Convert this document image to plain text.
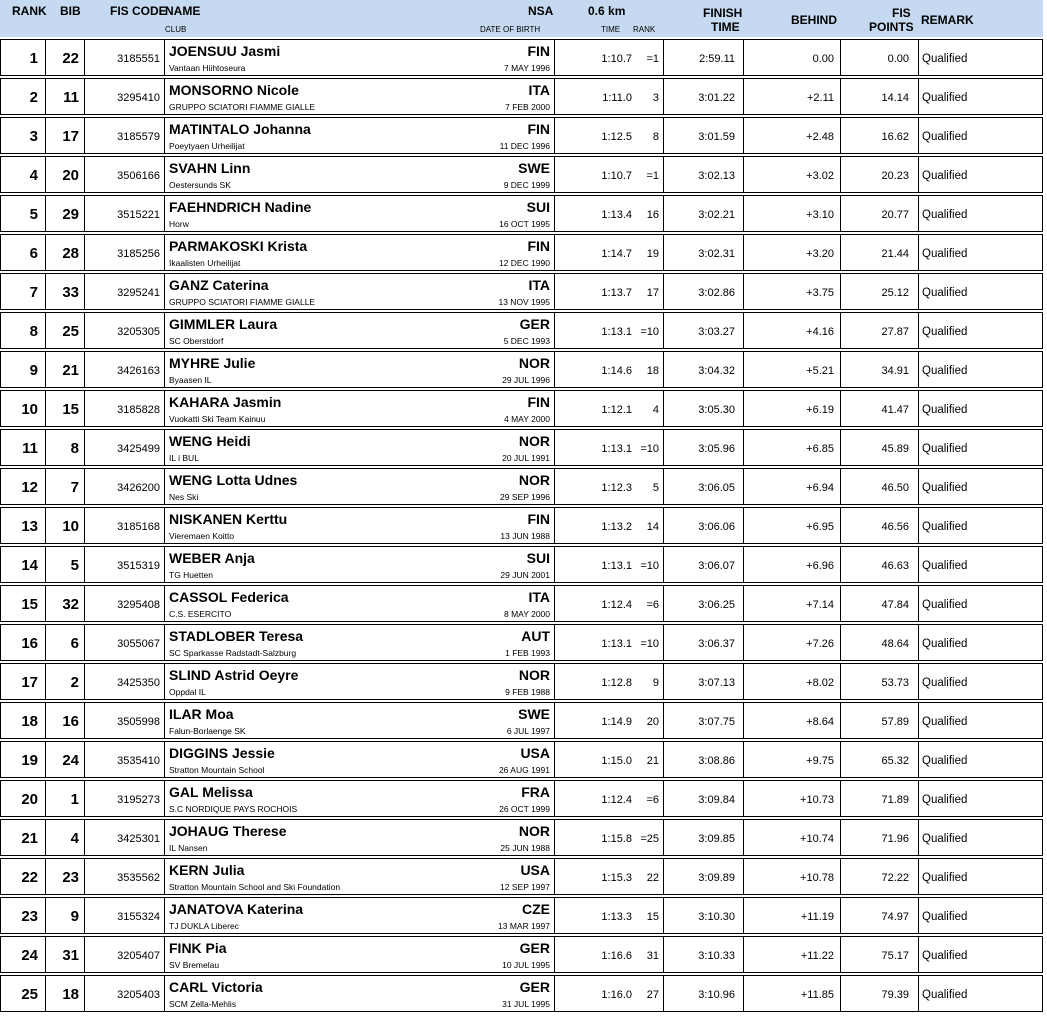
RANK BIB FIS CODE
NAME
CLUB
NSA
DATE OF BIRTH
0.6 km
TIME RANK
FINISH
TIME	BEHIND	FIS
POINTS REMARK
1 22	3185551 JOENSUU Jasmi	FIN
Vantaan Hiihtoseura	7 MAY 1996
1:10.7 =1	2:59.11	0.00	0.00 Qualified
2 11	3295410 MONSORNO Nicole	ITA
GRUPPO SCIATORI FIAMME GIALLE	7 FEB 2000
1:11.0 3	3:01.22	+2.11	14.14 Qualified
3 17	3185579 MATINTALO Johanna	FIN
Poeytyaen Urheilijat	11 DEC 1996
1:12.5 8	3:01.59	+2.48	16.62 Qualified
4 20	3506166 SVAHN Linn	SWE
Oestersunds SK	9 DEC 1999
1:10.7 =1	3:02.13	+3.02	20.23 Qualified
5 29	3515221 FAEHNDRICH Nadine	SUI
Horw	16 OCT 1995
1:13.4 16	3:02.21	+3.10	20.77 Qualified
6 28	3185256 PARMAKOSKI Krista	FIN
Ikaalisten Urheilijat	12 DEC 1990
1:14.7 19	3:02.31	+3.20	21.44 Qualified
7 33	3295241 GANZ Caterina	ITA
GRUPPO SCIATORI FIAMME GIALLE	13 NOV 1995
1:13.7 17	3:02.86	+3.75	25.12 Qualified
8 25	3205305 GIMMLER Laura	GER
SC Oberstdorf	5 DEC 1993
1:13.1 =10	3:03.27	+4.16	27.87 Qualified
9 21	3426163 MYHRE Julie	NOR
Byaasen IL	29 JUL 1996
1:14.6 18	3:04.32	+5.21	34.91 Qualified
10 15	3185828 KAHARA Jasmin	FIN
Vuokatti Ski Team Kainuu	4 MAY 2000
1:12.1 4	3:05.30	+6.19	41.47 Qualified
11 8	3425499 WENG Heidi	NOR
IL i BUL	20 JUL 1991
1:13.1 =10	3:05.96	+6.85	45.89 Qualified
12 7	3426200 WENG Lotta Udnes	NOR
Nes Ski	29 SEP 1996
1:12.3 5	3:06.05	+6.94	46.50 Qualified
13 10	3185168 NISKANEN Kerttu	FIN
Vieremaen Koitto	13 JUN 1988
1:13.2 14	3:06.06	+6.95	46.56 Qualified
14 5	3515319 WEBER Anja	SUI
TG Huetten	29 JUN 2001
1:13.1 =10	3:06.07	+6.96	46.63 Qualified
15 32	3295408 CASSOL Federica	ITA
C.S. ESERCITO	8 MAY 2000
1:12.4 =6	3:06.25	+7.14	47.84 Qualified
16 6	3055067 STADLOBER Teresa	AUT
SC Sparkasse Radstadt-Salzburg	1 FEB 1993
1:13.1 =10	3:06.37	+7.26	48.64 Qualified
17 2	3425350 SLIND Astrid Oeyre	NOR
Oppdal IL	9 FEB 1988
1:12.8 9	3:07.13	+8.02	53.73 Qualified
18 16	3505998 ILAR Moa	SWE
Falun-Borlaenge SK	6 JUL 1997
1:14.9 20	3:07.75	+8.64	57.89 Qualified
19 24	3535410 DIGGINS Jessie	USA
Stratton Mountain School	26 AUG 1991
1:15.0 21	3:08.86	+9.75	65.32 Qualified
20 1	3195273 GAL Melissa	FRA
S.C NORDIQUE PAYS ROCHOIS	26 OCT 1999
1:12.4 =6	3:09.84	+10.73	71.89 Qualified
21 4	3425301 JOHAUG Therese	NOR
IL Nansen	25 JUN 1988
1:15.8 =25	3:09.85	+10.74	71.96 Qualified
22 23	3535562 KERN Julia	USA
Stratton Mountain School and Ski Foundation	12 SEP 1997
1:15.3 22	3:09.89	+10.78	72.22 Qualified
23 9	3155324 JANATOVA Katerina	CZE
TJ DUKLA Liberec	13 MAR 1997
1:13.3 15	3:10.30	+11.19	74.97 Qualified
24 31	3205407 FINK Pia	GER
SV Bremelau	10 JUL 1995
1:16.6 31	3:10.33	+11.22	75.17 Qualified
25 18	3205403 CARL Victoria	GER
SCM Zella-Mehlis	31 JUL 1995
1:16.0 27	3:10.96	+11.85	79.39 Qualified
